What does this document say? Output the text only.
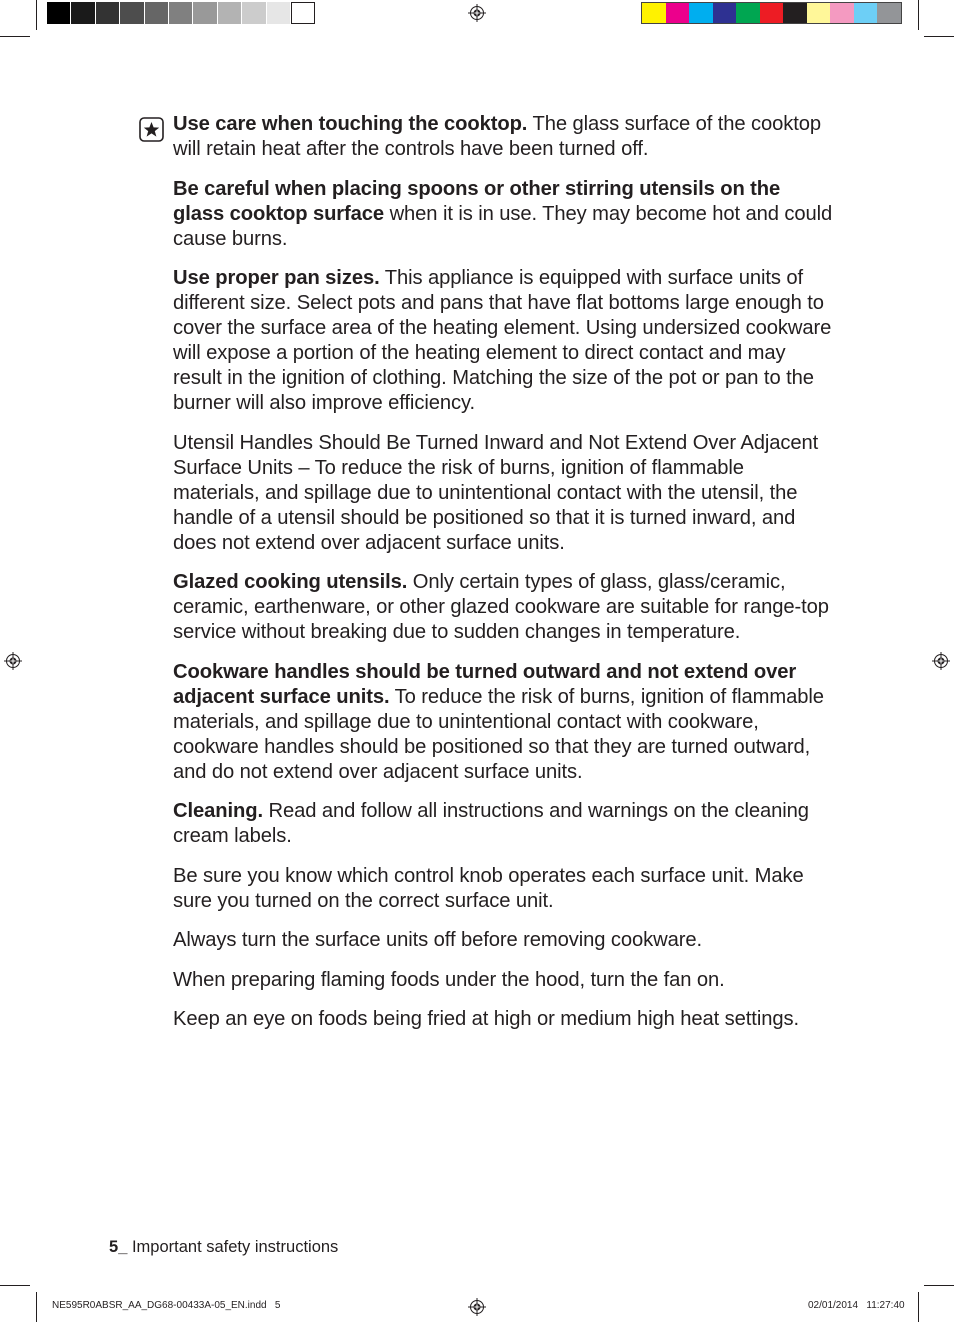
Use care when touching the cooktop. The glass surface of the cooktop will retain heat after the controls have been turned off.

Be careful when placing spoons or other stirring utensils on the glass cooktop surface when it is in use. They may become hot and could cause burns.

Use proper pan sizes. This appliance is equipped with surface units of different size. Select pots and pans that have flat bottoms large enough to cover the surface area of the heating element. Using undersized cookware will expose a portion of the heating element to direct contact and may result in the ignition of clothing. Matching the size of the pot or pan to the burner will also improve efficiency.

Utensil Handles Should Be Turned Inward and Not Extend Over Adjacent Surface Units – To reduce the risk of burns, ignition of flammable materials, and spillage due to unintentional contact with the utensil, the handle of a utensil should be positioned so that it is turned inward, and does not extend over adjacent surface units.

Glazed cooking utensils. Only certain types of glass, glass/ceramic, ceramic, earthenware, or other glazed cookware are suitable for range-top service without breaking due to sudden changes in temperature.

Cookware handles should be turned outward and not extend over adjacent surface units. To reduce the risk of burns, ignition of flammable materials, and spillage due to unintentional contact with cookware, cookware handles should be positioned so that they are turned outward, and do not extend over adjacent surface units.

Cleaning. Read and follow all instructions and warnings on the cleaning cream labels.

Be sure you know which control knob operates each surface unit. Make sure you turned on the correct surface unit.

Always turn the surface units off before removing cookware.

When preparing flaming foods under the hood, turn the fan on.

Keep an eye on foods being fried at high or medium high heat settings.

5_ Important safety instructions
NE595R0ABSR_AA_DG68-00433A-05_EN.indd   5	02/01/2014   11:27:40
